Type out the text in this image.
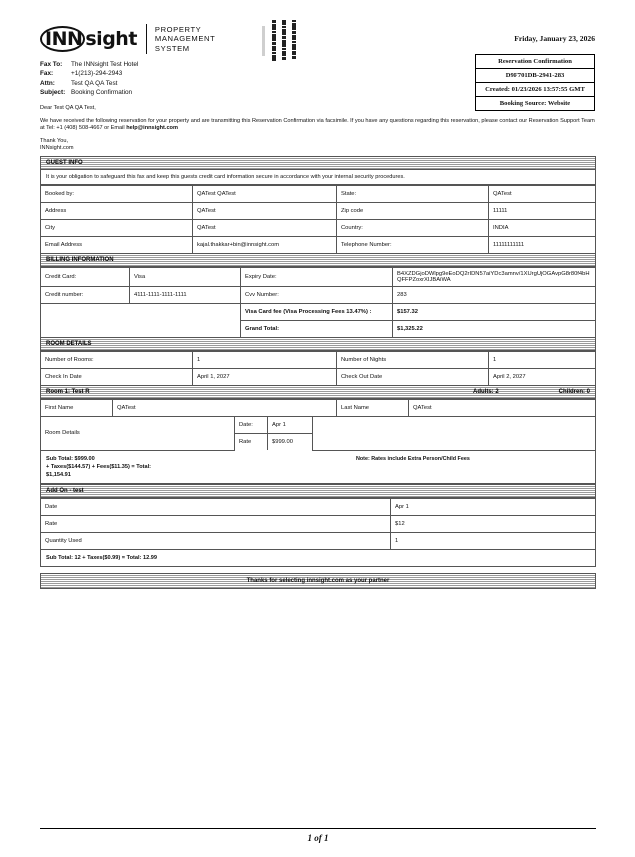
INN sight PROPERTY
MANAGEMENT
SYSTEM
Friday, January 23, 2026
Reservation Confirmation
D9F701DB-2941-283
Created: 01/23/2026 13:57:55 GMT
Booking Source: Website
Fax To:	The INNsight Test Hotel
Fax:	+1(213)-294-2943
Attn:	Test QA QA Test
Subject: Booking Confirmation
Dear Test QA QA Test,

We have received the following reservation for your property and are transmitting this Reservation Confirmation via facsimile. If you have any questions regarding this reservation, please contact our Reservation Support Team at Tel: +1 (408) 508-4667 or Email help@innsight.com

Thank You,
INNsight.com
GUEST INFO
It is your obligation to safeguard this fax and keep this guests credit card information secure in accordance with your internal security procedures.
Booked by:	QATest QATest	State:	QATest
Address	QATest	Zip code	11111
City	QATest	Country:	INDIA
Email Address	kajal.thakkar+bin@innsight.com	Telephone Number:	11111111111
BILLING INFORMATION
Credit Card:	Visa	Expiry Date:	B4XZDGjoDWlpg9eEoDQ2rIDN57aiYDc3amnv/1XUrgUjOGAvpG8r80f4bHQFFPZoxrXIJBAiWA
Credit number:	4111-1111-1111-1111	Cvv Number:	283
		Visa Card fee (Visa Processing Fees 13.47%) :	$157.32
		Grand Total:	$1,325.22
ROOM DETAILS
Number of Rooms:	1	Number of Nights	1
Check In Date	April 1, 2027	Check Out Date	April 2, 2027
Room 1: Test R	Adults: 2	Children: 0
First Name	QATest	Last Name	QATest
Room Details	Date:	Apr 1	
	Rate	$999.00	
Sub Total: $999.00
+ Taxes($144.57) + Fees($11.35) = Total:
$1,154.91
Note: Rates include Extra Person/Child Fees
Add On - test
Date	Apr 1
Rate	$12
Quantity Used	1
Sub Total: 12 + Taxes($0.99) = Total: 12.99
Thanks for selecting innsight.com as your partner
1 of 1
